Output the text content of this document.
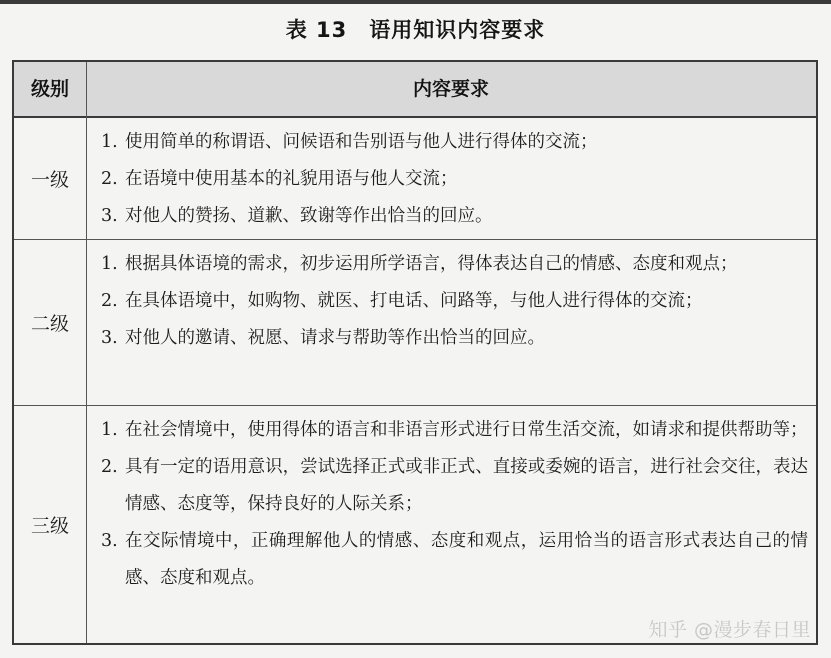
表 13 语用知识内容要求
级别	内容要求
一级
1. 使用简单的称谓语、问候语和告别语与他人进行得体的交流；
2. 在语境中使用基本的礼貌用语与他人交流；
3. 对他人的赞扬、道歉、致谢等作出恰当的回应。
二级
1. 根据具体语境的需求，初步运用所学语言，得体表达自己的情感、态度和观点；
2. 在具体语境中，如购物、就医、打电话、问路等，与他人进行得体的交流；
3. 对他人的邀请、祝愿、请求与帮助等作出恰当的回应。
三级
1. 在社会情境中，使用得体的语言和非语言形式进行日常生活交流，如请求和提供帮助等；
2. 具有一定的语用意识，尝试选择正式或非正式、直接或委婉的语言，进行社会交往，表达情感、态度等，保持良好的人际关系；
3. 在交际情境中，正确理解他人的情感、态度和观点，运用恰当的语言形式表达自己的情感、态度和观点。
知乎 @漫步春日里
